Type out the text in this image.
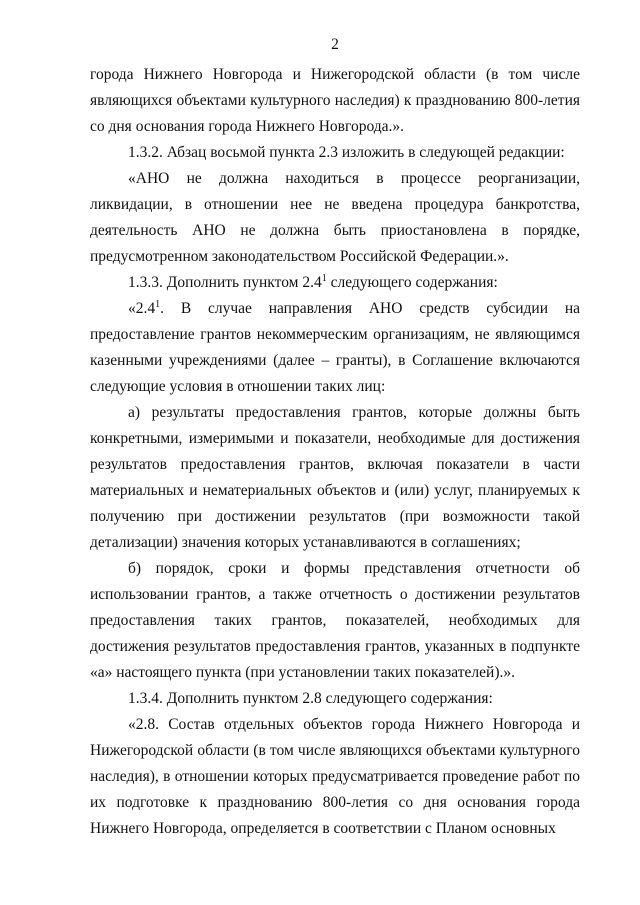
2

города Нижнего Новгорода и Нижегородской области (в том числе являющихся объектами культурного наследия) к празднованию 800-летия со дня основания города Нижнего Новгорода.».

1.3.2. Абзац восьмой пункта 2.3 изложить в следующей редакции:

«АНО не должна находиться в процессе реорганизации, ликвидации, в отношении нее не введена процедура банкротства, деятельность АНО не должна быть приостановлена в порядке, предусмотренном законодательством Российской Федерации.».

1.3.3. Дополнить пунктом $2.4^1$ следующего содержания:

«$2.4^1$. В случае направления АНО средств субсидии на предоставление грантов некоммерческим организациям, не являющимся казенными учреждениями (далее – гранты), в Соглашение включаются следующие условия в отношении таких лиц:

а) результаты предоставления грантов, которые должны быть конкретными, измеримыми и показатели, необходимые для достижения результатов предоставления грантов, включая показатели в части материальных и нематериальных объектов и (или) услуг, планируемых к получению при достижении результатов (при возможности такой детализации) значения которых устанавливаются в соглашениях;

б) порядок, сроки и формы представления отчетности об использовании грантов, а также отчетность о достижении результатов предоставления таких грантов, показателей, необходимых для достижения результатов предоставления грантов, указанных в подпункте «а» настоящего пункта (при установлении таких показателей).».

1.3.4. Дополнить пунктом 2.8 следующего содержания:

«2.8. Состав отдельных объектов города Нижнего Новгорода и Нижегородской области (в том числе являющихся объектами культурного наследия), в отношении которых предусматривается проведение работ по их подготовке к празднованию 800-летия со дня основания города Нижнего Новгорода, определяется в соответствии с Планом основных
